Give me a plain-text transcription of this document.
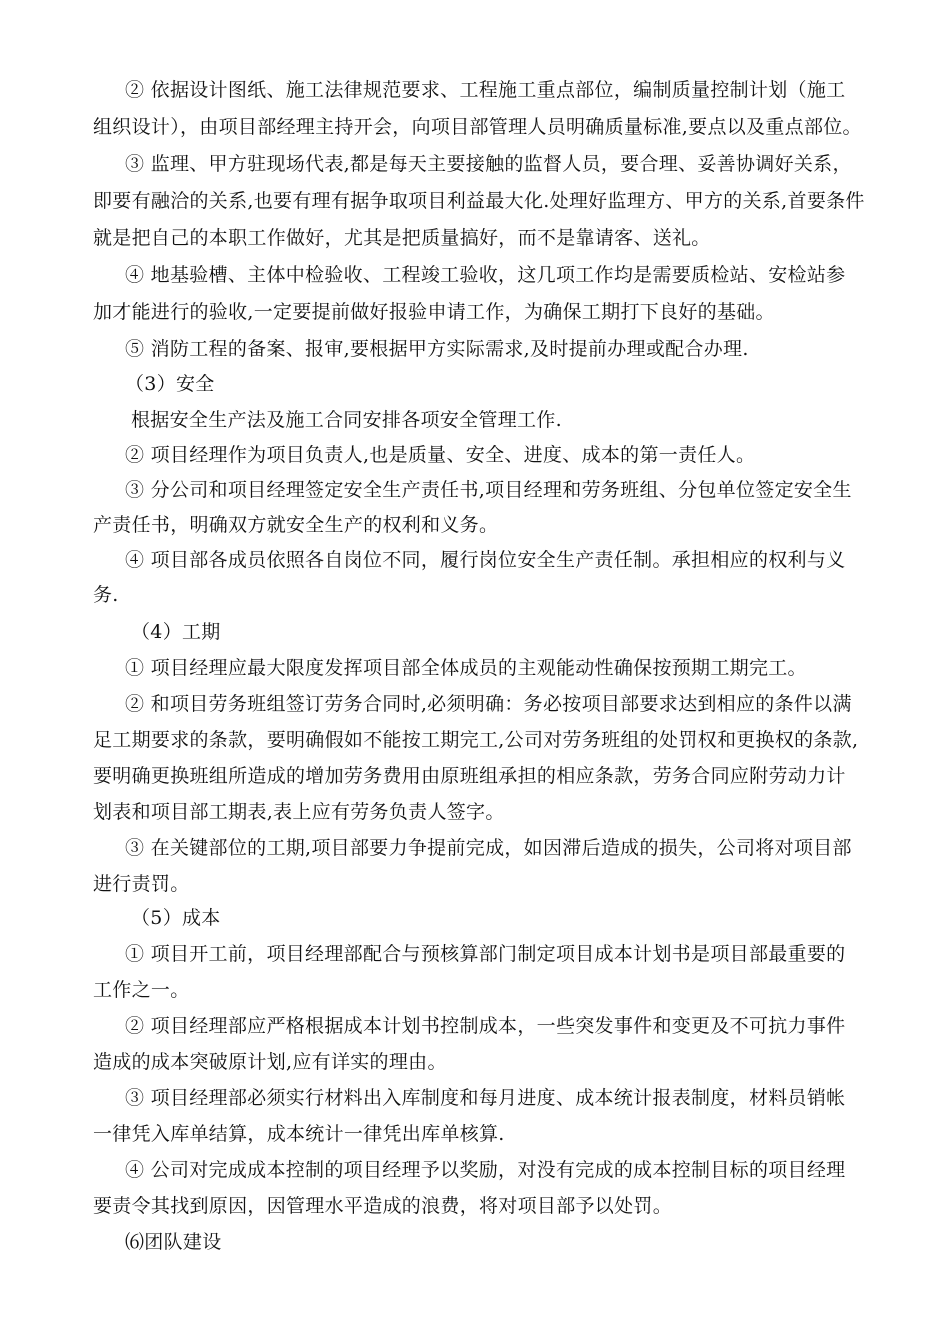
② 依据设计图纸、施工法律规范要求、工程施工重点部位，编制质量控制计划（施工
组织设计），由项目部经理主持开会，向项目部管理人员明确质量标准,要点以及重点部位。
③ 监理、甲方驻现场代表,都是每天主要接触的监督人员，要合理、妥善协调好关系，
即要有融洽的关系,也要有理有据争取项目利益最大化.处理好监理方、甲方的关系,首要条件
就是把自己的本职工作做好，尤其是把质量搞好，而不是靠请客、送礼。
④ 地基验槽、主体中检验收、工程竣工验收，这几项工作均是需要质检站、安检站参
加才能进行的验收,一定要提前做好报验申请工作，为确保工期打下良好的基础。
⑤ 消防工程的备案、报审,要根据甲方实际需求,及时提前办理或配合办理.
（3）安全
根据安全生产法及施工合同安排各项安全管理工作.
② 项目经理作为项目负责人,也是质量、安全、进度、成本的第一责任人。
③ 分公司和项目经理签定安全生产责任书,项目经理和劳务班组、分包单位签定安全生
产责任书，明确双方就安全生产的权利和义务。
④ 项目部各成员依照各自岗位不同，履行岗位安全生产责任制。承担相应的权利与义
务.
（4）工期
① 项目经理应最大限度发挥项目部全体成员的主观能动性确保按预期工期完工。
② 和项目劳务班组签订劳务合同时,必须明确：务必按项目部要求达到相应的条件以满
足工期要求的条款，要明确假如不能按工期完工,公司对劳务班组的处罚权和更换权的条款,
要明确更换班组所造成的增加劳务费用由原班组承担的相应条款，劳务合同应附劳动力计
划表和项目部工期表,表上应有劳务负责人签字。
③ 在关键部位的工期,项目部要力争提前完成，如因滞后造成的损失，公司将对项目部
进行责罚。
（5）成本
① 项目开工前，项目经理部配合与预核算部门制定项目成本计划书是项目部最重要的
工作之一。
② 项目经理部应严格根据成本计划书控制成本，一些突发事件和变更及不可抗力事件
造成的成本突破原计划,应有详实的理由。
③ 项目经理部必须实行材料出入库制度和每月进度、成本统计报表制度，材料员销帐
一律凭入库单结算，成本统计一律凭出库单核算.
④ 公司对完成成本控制的项目经理予以奖励，对没有完成的成本控制目标的项目经理
要责令其找到原因，因管理水平造成的浪费，将对项目部予以处罚。
⑹团队建设
